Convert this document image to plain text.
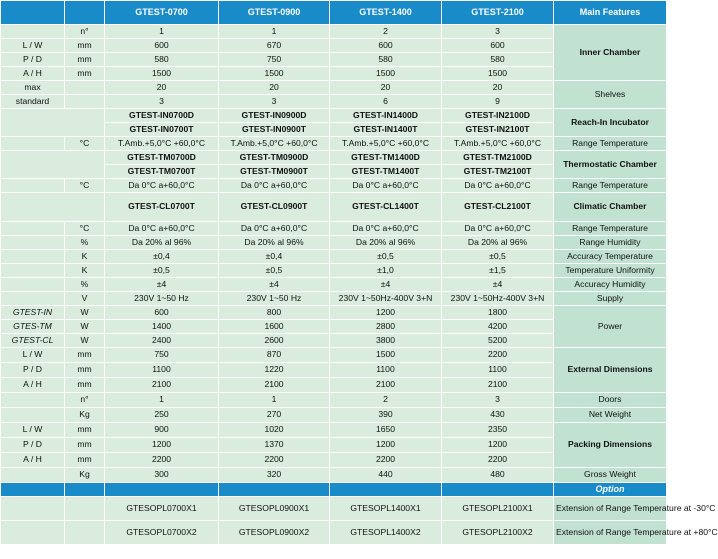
		GTEST-0700	GTEST-0900	GTEST-1400	GTEST-2100	Main Features
	n°	1	1	2	3	Inner Chamber
L / W	mm	600	670	600	600	
P / D	mm	580	750	580	580	
A / H	mm	1500	1500	1500	1500	
max		20	20	20	20	Shelves
standard		3	3	6	9	
		GTEST-IN0700D	GTEST-IN0900D	GTEST-IN1400D	GTEST-IN2100D	Reach-In Incubator
		GTEST-IN0700T	GTEST-IN0900T	GTEST-IN1400T	GTEST-IN2100T	
	°C	T.Amb.+5,0°C +60,0°C	T.Amb.+5,0°C +60,0°C	T.Amb.+5,0°C +60,0°C	T.Amb.+5,0°C +60,0°C	Range Temperature
		GTEST-TM0700D	GTEST-TM0900D	GTEST-TM1400D	GTEST-TM2100D	Thermostatic Chamber
		GTEST-TM0700T	GTEST-TM0900T	GTEST-TM1400T	GTEST-TM2100T	
	°C	Da 0°C a+60,0°C	Da 0°C a+60,0°C	Da 0°C a+60,0°C	Da 0°C a+60,0°C	Range Temperature
		GTEST-CL0700T	GTEST-CL0900T	GTEST-CL1400T	GTEST-CL2100T	Climatic Chamber
	°C	Da 0°C a+60,0°C	Da 0°C a+60,0°C	Da 0°C a+60,0°C	Da 0°C a+60,0°C	Range Temperature
	%	Da 20% al 96%	Da 20% al 96%	Da 20% al 96%	Da 20% al 96%	Range Humidity
	K	±0,4	±0,4	±0,5	±0,5	Accuracy Temperature
	K	±0,5	±0,5	±1,0	±1,5	Temperature Uniformity
	%	±4	±4	±4	±4	Accuracy Humidity
	V	230V 1~50 Hz	230V 1~50 Hz	230V 1~50Hz-400V 3+N	230V 1~50Hz-400V 3+N	Supply
GTEST-IN	W	600	800	1200	1800	Power
GTES-TM	W	1400	1600	2800	4200	
GTEST-CL	W	2400	2600	3800	5200	
L / W	mm	750	870	1500	2200	External Dimensions
P / D	mm	1100	1220	1100	1100	
A / H	mm	2100	2100	2100	2100	
	n°	1	1	2	3	Doors
	Kg	250	270	390	430	Net Weight
L / W	mm	900	1020	1650	2350	Packing Dimensions
P / D	mm	1200	1370	1200	1200	
A / H	mm	2200	2200	2200	2200	
	Kg	300	320	440	480	Gross Weight
						Option
		GTESOPL0700X1	GTESOPL0900X1	GTESOPL1400X1	GTESOPL2100X1	Extension of Range Temperature at -30°C
		GTESOPL0700X2	GTESOPL0900X2	GTESOPL1400X2	GTESOPL2100X2	Extension of Range Temperature at +80°C
